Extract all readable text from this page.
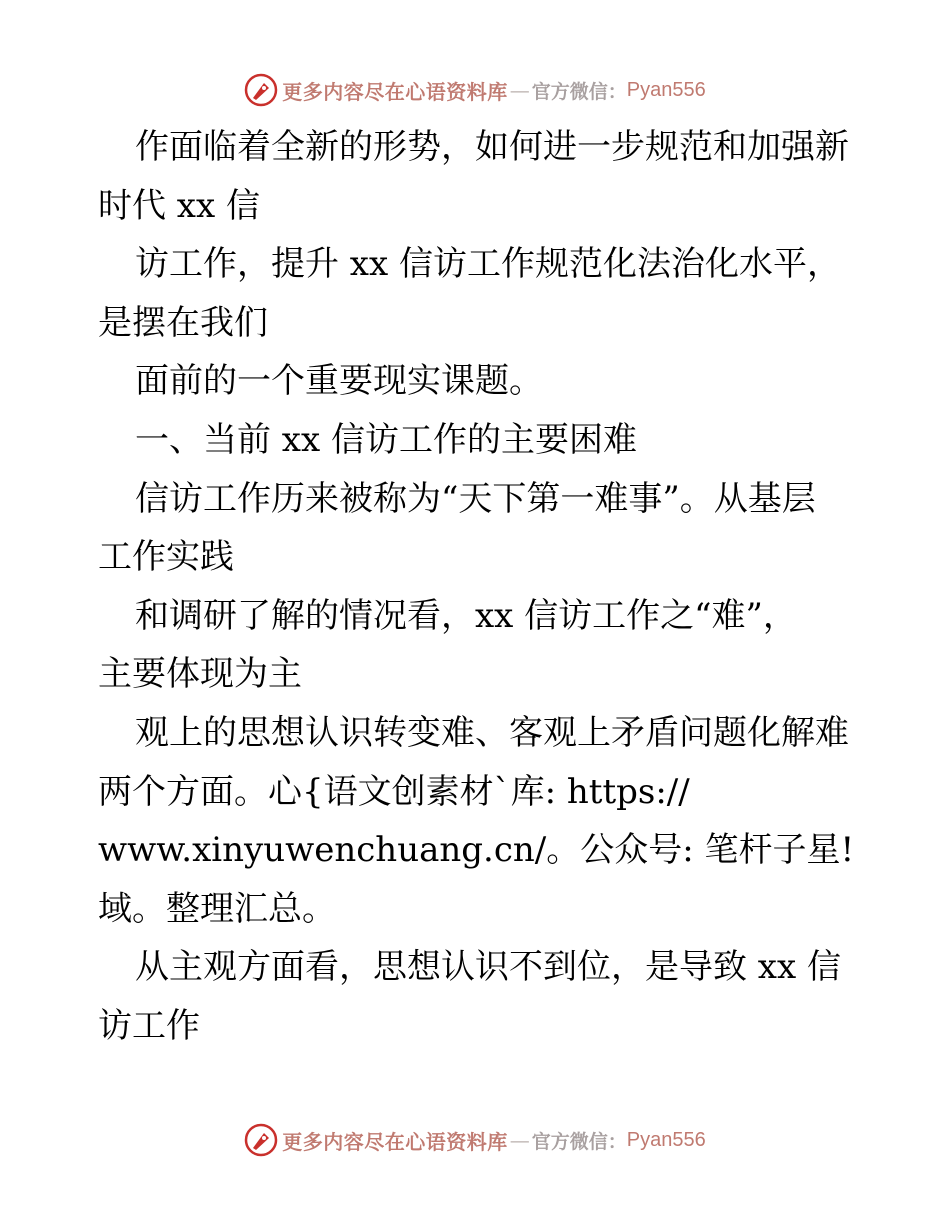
更多内容尽在心语资料库 — 官方微信： Pyan556
作面临着全新的形势，如何进一步规范和加强新
时代 xx 信
访工作，提升 xx 信访工作规范化法治化水平，
是摆在我们
面前的一个重要现实课题。
一、当前 xx 信访工作的主要困难
信访工作历来被称为“天下第一难事”。从基层
工作实践
和调研了解的情况看，xx 信访工作之“难”，
主要体现为主
观上的思想认识转变难、客观上矛盾问题化解难
两个方面。心{语文创素材`库: https://
www.xinyuwenchuang.cn/。公众号: 笔杆子星!
域。整理汇总。
从主观方面看，思想认识不到位，是导致 xx 信
访工作
更多内容尽在心语资料库 — 官方微信： Pyan556
